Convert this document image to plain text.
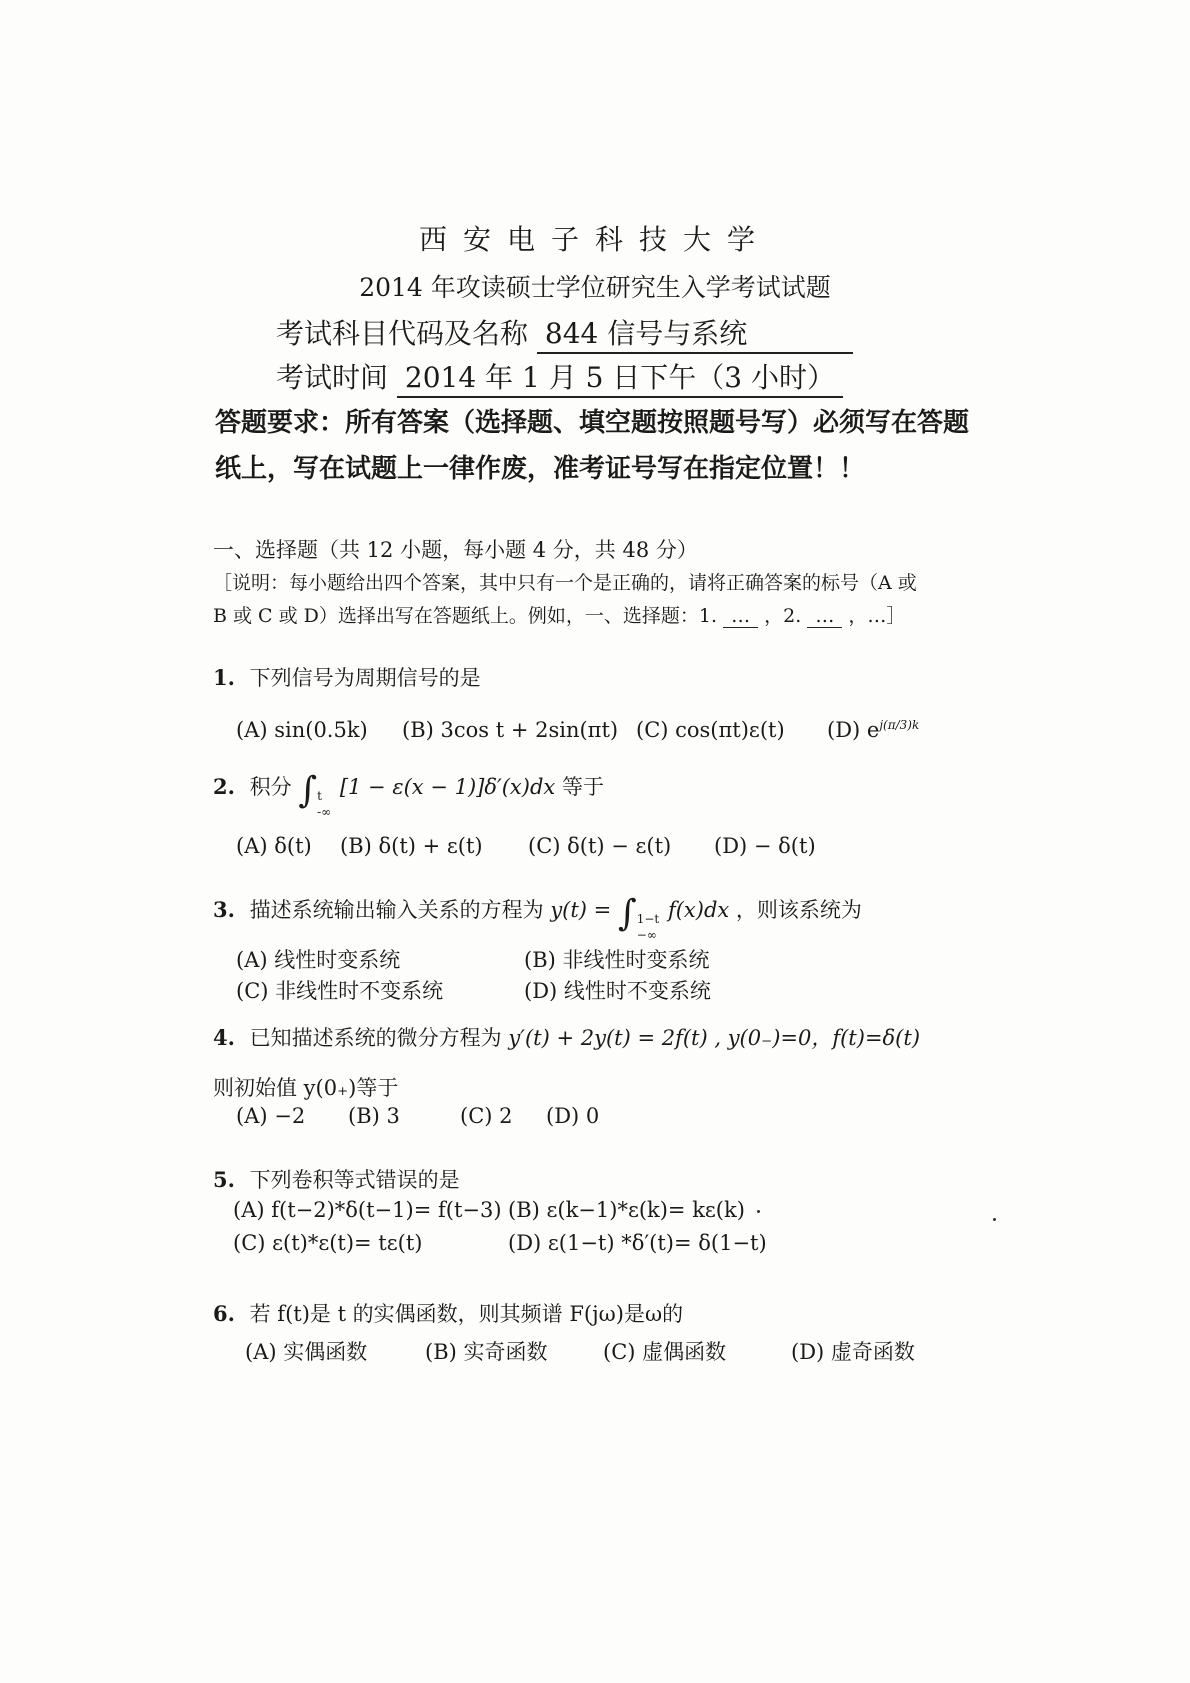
西安电子科技大学
2014 年攻读硕士学位研究生入学考试试题
考试科目代码及名称 844 信号与系统
考试时间 2014 年 1 月 5 日下午（3 小时）
答题要求：所有答案（选择题、填空题按照题号写）必须写在答题
纸上，写在试题上一律作废，准考证号写在指定位置！！
一、选择题（共 12 小题，每小题 4 分，共 48 分）
［说明：每小题给出四个答案，其中只有一个是正确的，请将正确答案的标号（A 或
B 或 C 或 D）选择出写在答题纸上。例如，一、选择题：1. … ，2. … ，…］
1. 下列信号为周期信号的是
(A) sin(0.5k) (B) 3cos t + 2sin(πt) (C) cos(πt)ε(t) (D) $e^{j(\pi/3)k}$
2. 积分 ∫ t
-∞
[1 − ε(x − 1)]δ′(x)dx 等于
(A) δ(t) (B) δ(t) + ε(t) (C) δ(t) − ε(t) (D) − δ(t)
3. 描述系统输出输入关系的方程为 y(t) = ∫ 1−t
−∞
f(x)dx ，则该系统为
(A) 线性时变系统	(B) 非线性时变系统
(C) 非线性时不变系统	(D) 线性时不变系统
4. 已知描述系统的微分方程为 y′(t) + 2y(t) = 2f(t) , y(0₋)=0，f(t)=δ(t)
则初始值 y(0₊)等于
(A) −2 (B) 3	(C) 2 (D) 0
5. 下列卷积等式错误的是
(A) f(t−2)*δ(t−1)= f(t−3) (B) ε(k−1)*ε(k)= kε(k)
(C) ε(t)*ε(t)= tε(t)	(D) ε(1−t) *δ′(t)= δ(1−t)
6. 若 f(t)是 t 的实偶函数，则其频谱 F(jω)是ω的
(A) 实偶函数	(B) 实奇函数	(C) 虚偶函数	(D) 虚奇函数
